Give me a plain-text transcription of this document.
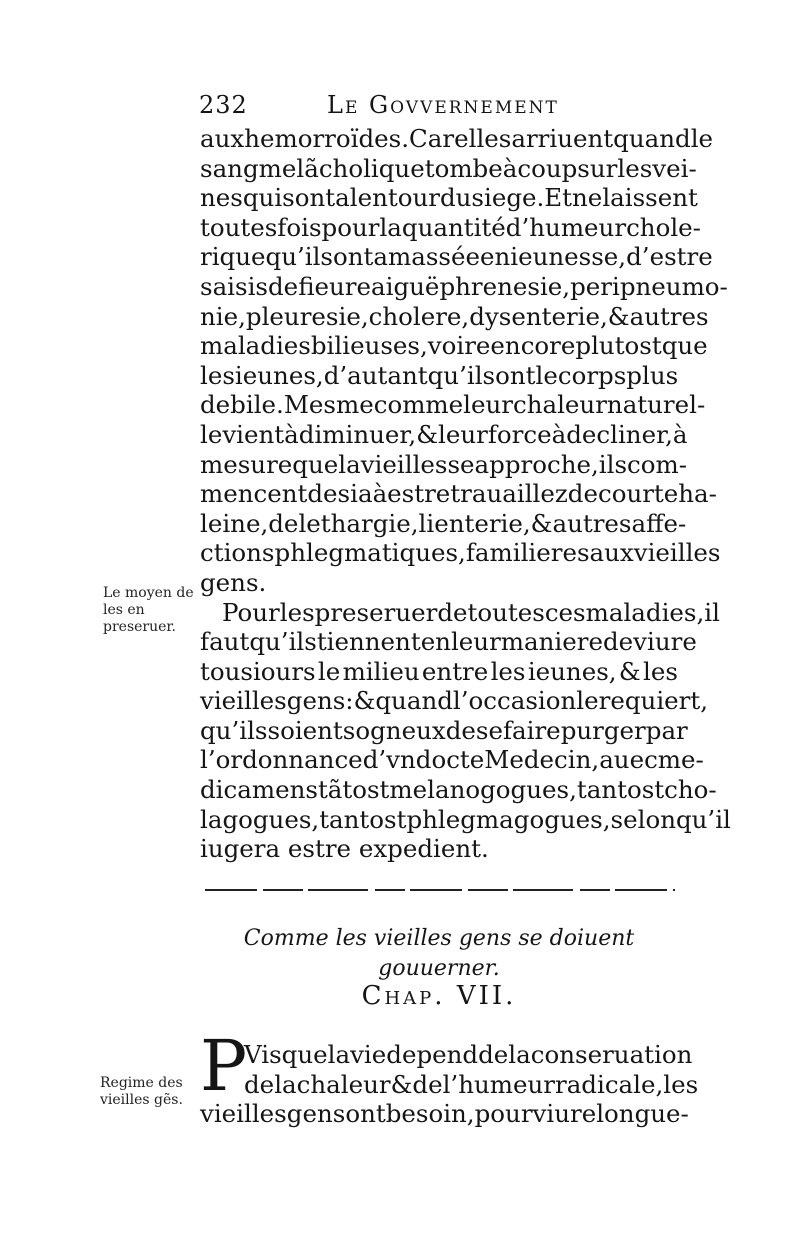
232	Le Govvernement
aux hemorroïdes. Car elles arriuent quand le
sang melãcholique tombe à coup sur les vei-
nes qui sont alentour du siege. Et ne laissent
toutesfois pour la quantité d’humeur chole-
rique qu’ils ont amassée en ieunesse, d’estre
saisis de fieure aiguë phrenesie, peripneumo-
nie, pleuresie, cholere, dysenterie, & autres
maladies bilieuses, voire encore plutost que
les ieunes, d’autant qu’ils ont le corps plus
debile. Mesme comme leur chaleur naturel-
le vient à diminuer, & leur force à decliner, à
mesure que la vieillesse approche, ils com-
mencent desia à estre trauaillez de courte ha-
leine, de lethargie, lienterie, & autres affe-
ctions phlegmatiques, familieres aux vieilles
gens.
Pour les preseruer de toutes ces maladies, il
faut qu’ils tiennent en leur maniere de viure
tousiours le milieu entre les ieunes, & les
vieilles gens: & quand l’occasion le requiert,
qu’ils soient sogneux de se faire purger par
l’ordonnance d’vn docte Medecin, auec me-
dicamens tãtost melanogogues, tantost cho-
lagogues, tantost phlegmagogues, selon qu’il
iugera estre expedient.
Le moyen de les en preseruer.
Comme les vieilles gens se doiuent
gouuerner.
Chap. VII.
P
Vis que la vie depend de la conseruation
de la chaleur & de l’humeur radicale, les
vieilles gens ont besoin, pour viure longue-
Regime des vieilles gẽs.
